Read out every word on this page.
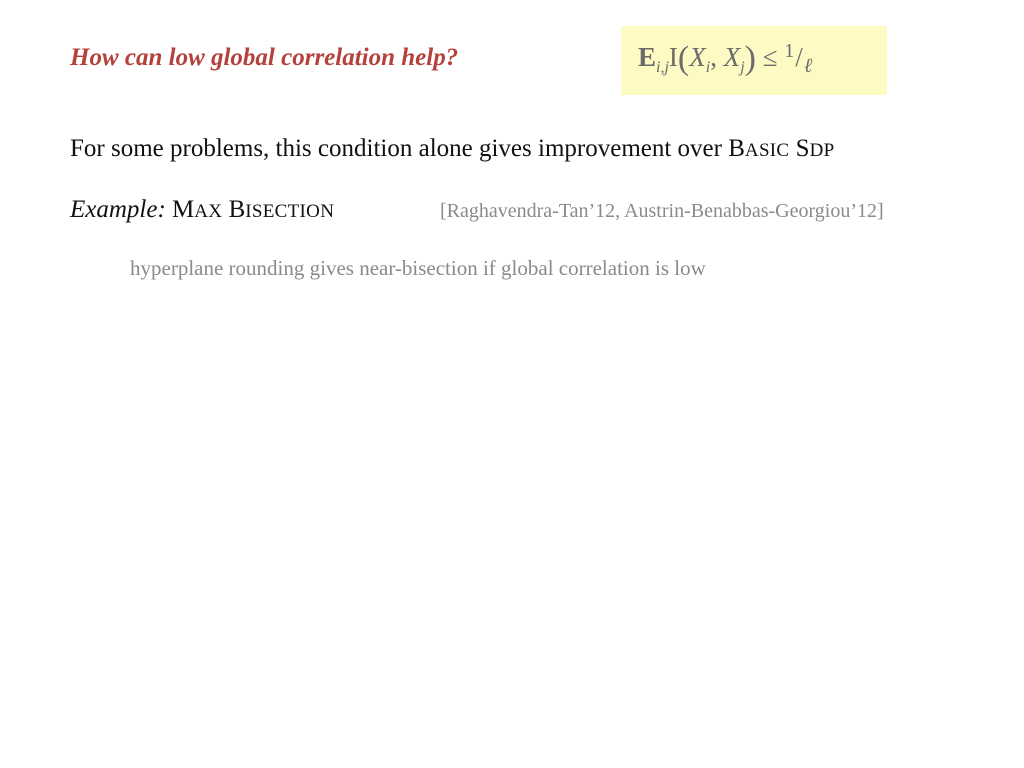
How can low global correlation help?	$E_{i,j}I(X_i$, $X_j) \le ^1/_\ell$
For some problems, this condition alone gives improvement over BASIC SDP
Example: MAX BISECTION	[Raghavendra-Tan’12, Austrin-Benabbas-Georgiou’12]
hyperplane rounding gives near-bisection if global correlation is low
